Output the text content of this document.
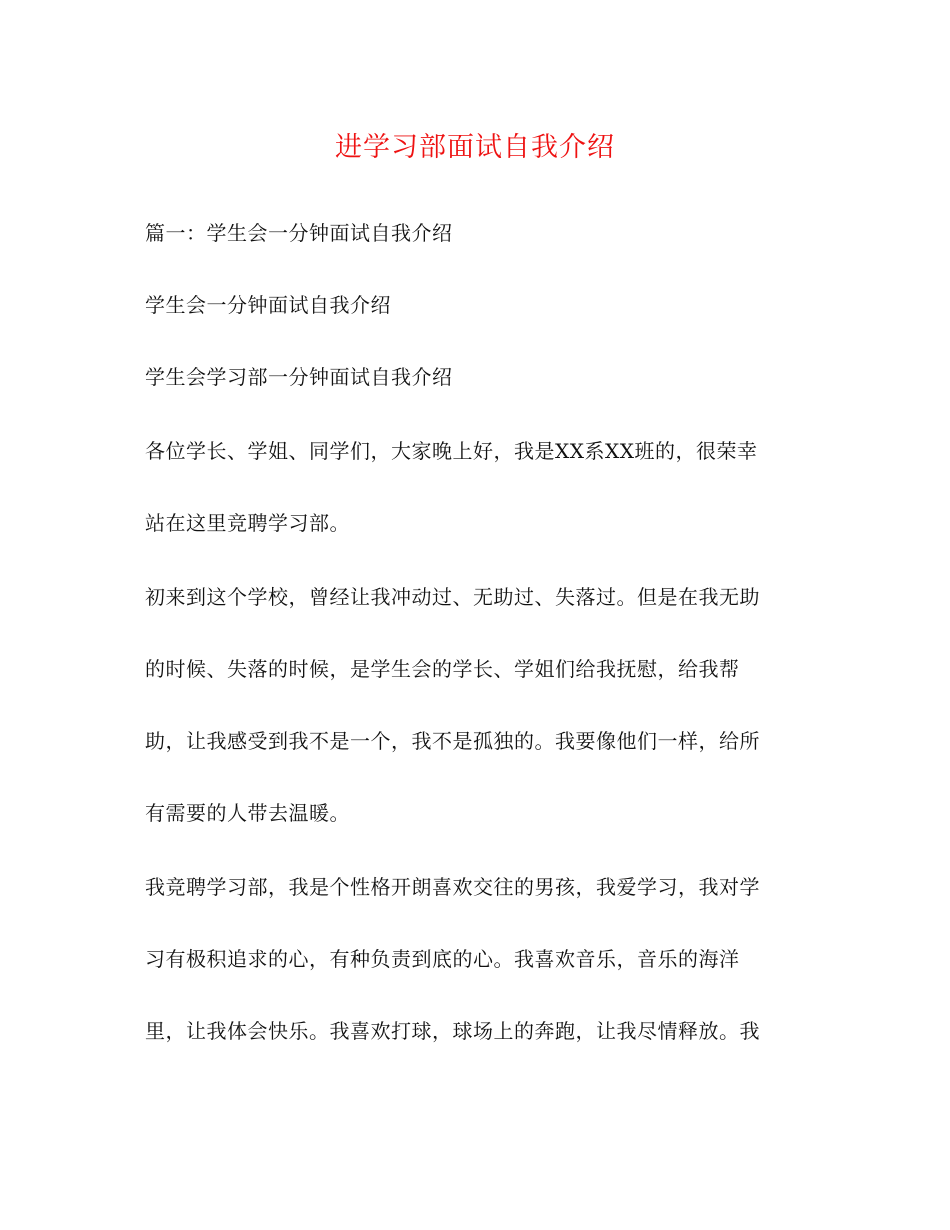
进学习部面试自我介绍

篇一：学生会一分钟面试自我介绍

学生会一分钟面试自我介绍

学生会学习部一分钟面试自我介绍

各位学长、学姐、同学们，大家晚上好，我是XX系XX班的，很荣幸

站在这里竞聘学习部。

初来到这个学校，曾经让我冲动过、无助过、失落过。但是在我无助

的时候、失落的时候，是学生会的学长、学姐们给我抚慰，给我帮

助，让我感受到我不是一个，我不是孤独的。我要像他们一样，给所

有需要的人带去温暖。

我竞聘学习部，我是个性格开朗喜欢交往的男孩，我爱学习，我对学

习有极积追求的心，有种负责到底的心。我喜欢音乐，音乐的海洋

里，让我体会快乐。我喜欢打球，球场上的奔跑，让我尽情释放。我
